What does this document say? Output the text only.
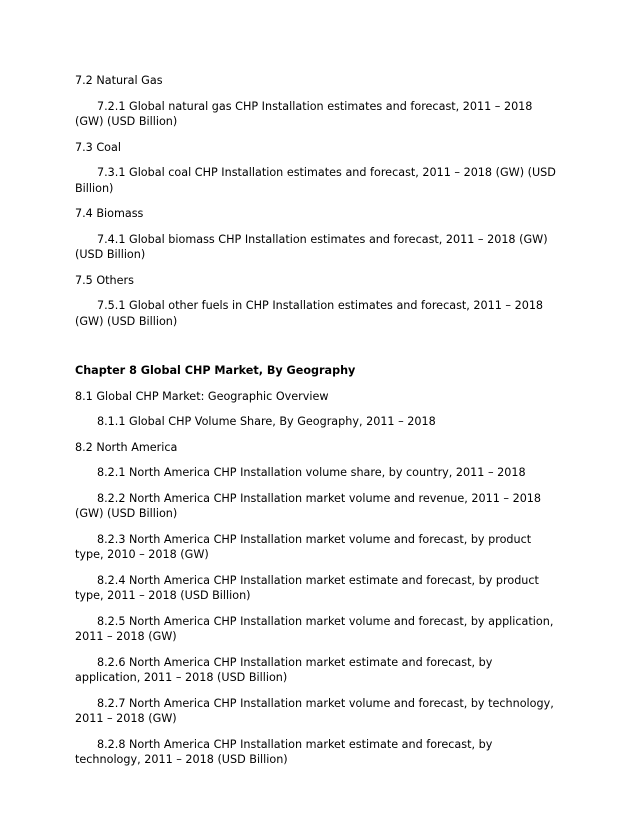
7.2 Natural Gas

7.2.1 Global natural gas CHP Installation estimates and forecast, 2011 – 2018 (GW) (USD Billion)

7.3 Coal

7.3.1 Global coal CHP Installation estimates and forecast, 2011 – 2018 (GW) (USD Billion)

7.4 Biomass

7.4.1 Global biomass CHP Installation estimates and forecast, 2011 – 2018 (GW) (USD Billion)

7.5 Others

7.5.1 Global other fuels in CHP Installation estimates and forecast, 2011 – 2018 (GW) (USD Billion)

Chapter 8 Global CHP Market, By Geography

8.1 Global CHP Market: Geographic Overview

8.1.1 Global CHP Volume Share, By Geography, 2011 – 2018

8.2 North America

8.2.1 North America CHP Installation volume share, by country, 2011 – 2018

8.2.2 North America CHP Installation market volume and revenue, 2011 – 2018 (GW) (USD Billion)

8.2.3 North America CHP Installation market volume and forecast, by product type, 2010 – 2018 (GW)

8.2.4 North America CHP Installation market estimate and forecast, by product type, 2011 – 2018 (USD Billion)

8.2.5 North America CHP Installation market volume and forecast, by application, 2011 – 2018 (GW)

8.2.6 North America CHP Installation market estimate and forecast, by application, 2011 – 2018 (USD Billion)

8.2.7 North America CHP Installation market volume and forecast, by technology, 2011 – 2018 (GW)

8.2.8 North America CHP Installation market estimate and forecast, by technology, 2011 – 2018 (USD Billion)
